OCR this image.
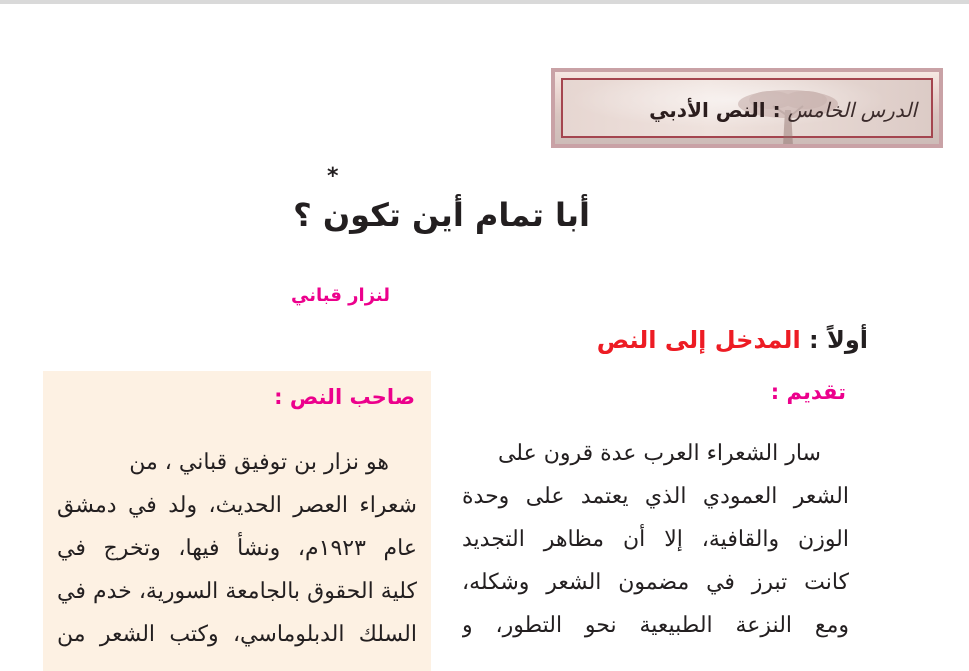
الدرس الخامس : النص الأدبي
*
أبا تمام أين تكون ؟
لنزار قباني
أولاً : المدخل إلى النص
تقديم :
سار الشعراء العرب عدة قرون على
الشعر العمودي الذي يعتمد على وحدة
الوزن والقافية، إلا أن مظاهر التجديد
كانت تبرز في مضمون الشعر وشكله،
ومع النزعة الطبيعية نحو التطور، و
صاحب النص :
هو نزار بن توفيق قباني ، من
شعراء العصر الحديث، ولد في دمشق
عام ١٩٢٣م، ونشأ فيها، وتخرج في
كلية الحقوق بالجامعة السورية، خدم في
السلك الدبلوماسي، وكتب الشعر من
